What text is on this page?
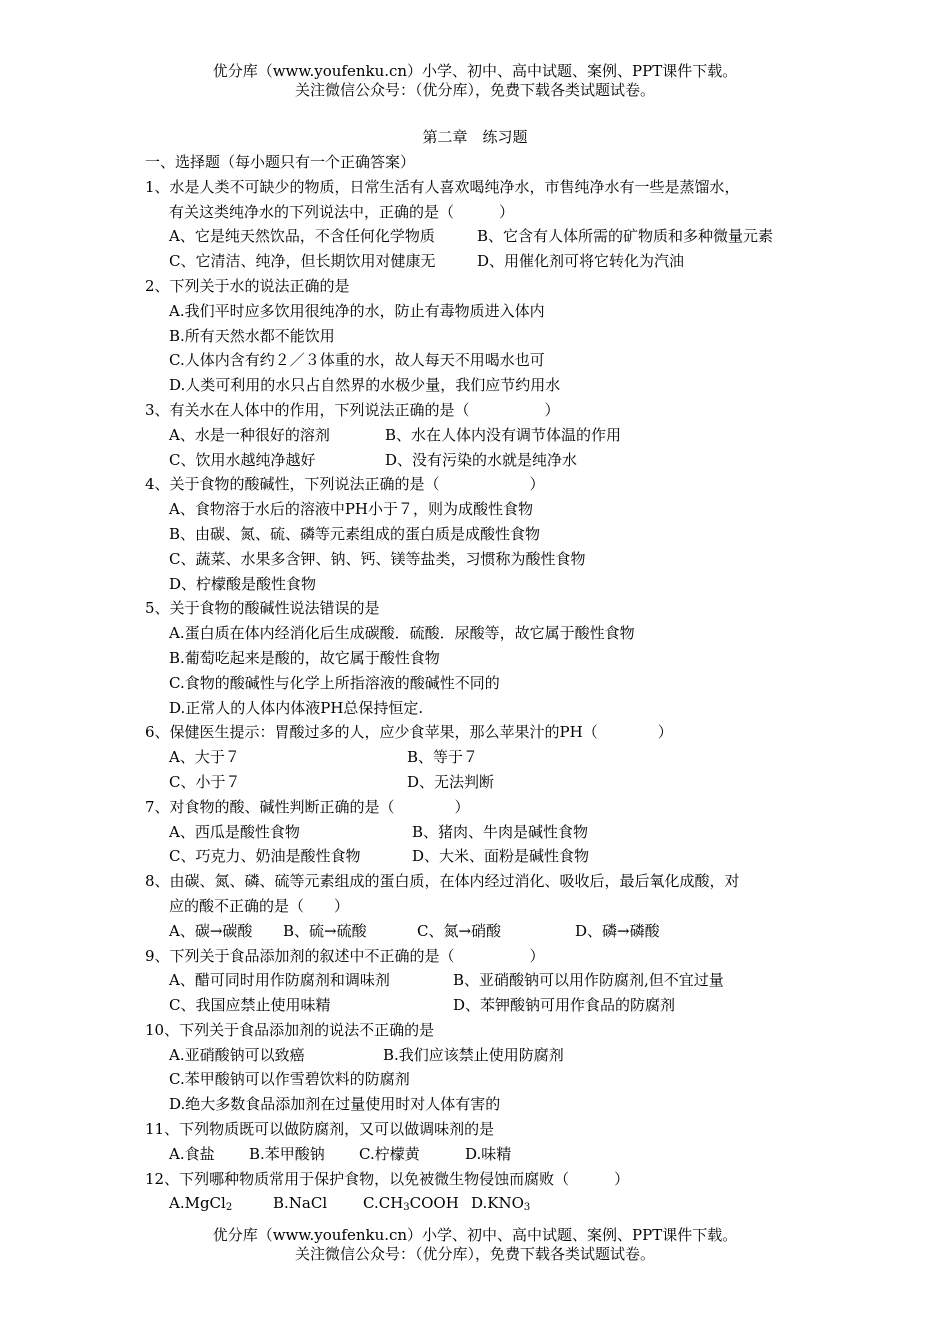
优分库（www.youfenku.cn）小学、初中、高中试题、案例、PPT课件下载。
关注微信公众号：（优分库），免费下载各类试题试卷。
第二章　练习题
一、选择题（每小题只有一个正确答案）
1、水是人类不可缺少的物质，日常生活有人喜欢喝纯净水，市售纯净水有一些是蒸馏水，
有关这类纯净水的下列说法中，正确的是（　　　）
A、它是纯天然饮品，不含任何化学物质	B、它含有人体所需的矿物质和多种微量元素
C、它清洁、纯净，但长期饮用对健康无	D、用催化剂可将它转化为汽油
2、下列关于水的说法正确的是
A.我们平时应多饮用很纯净的水，防止有毒物质进入体内
B.所有天然水都不能饮用
C.人体内含有约２／３体重的水，故人每天不用喝水也可
D.人类可利用的水只占自然界的水极少量，我们应节约用水
3、有关水在人体中的作用，下列说法正确的是（　　　　　）
A、水是一种很好的溶剂	B、水在人体内没有调节体温的作用
C、饮用水越纯净越好	D、没有污染的水就是纯净水
4、关于食物的酸碱性，下列说法正确的是（　　　　　　）
A、食物溶于水后的溶液中PH小于７，则为成酸性食物
B、由碳、氮、硫、磷等元素组成的蛋白质是成酸性食物
C、蔬菜、水果多含钾、钠、钙、镁等盐类，习惯称为酸性食物
D、柠檬酸是酸性食物
5、关于食物的酸碱性说法错误的是
A.蛋白质在体内经消化后生成碳酸．硫酸．尿酸等，故它属于酸性食物
B.葡萄吃起来是酸的，故它属于酸性食物
C.食物的酸碱性与化学上所指溶液的酸碱性不同的
D.正常人的人体内体液PH总保持恒定.
6、保健医生提示：胃酸过多的人，应少食苹果，那么苹果汁的PH（　　　　）
A、大于７	B、等于７
C、小于７	D、无法判断
7、对食物的酸、碱性判断正确的是（　　　　）
A、西瓜是酸性食物	B、猪肉、牛肉是碱性食物
C、巧克力、奶油是酸性食物	D、大米、面粉是碱性食物
8、由碳、氮、磷、硫等元素组成的蛋白质，在体内经过消化、吸收后，最后氧化成酸，对
应的酸不正确的是（　　）
A、碳→碳酸	B、硫→硫酸	C、氮→硝酸	D、磷→磷酸
9、下列关于食品添加剂的叙述中不正确的是（　　　　　）
A、醋可同时用作防腐剂和调味剂	B、亚硝酸钠可以用作防腐剂,但不宜过量
C、我国应禁止使用味精	D、苯钾酸钠可用作食品的防腐剂
10、下列关于食品添加剂的说法不正确的是
A.亚硝酸钠可以致癌	B.我们应该禁止使用防腐剂
C.苯甲酸钠可以作雪碧饮料的防腐剂
D.绝大多数食品添加剂在过量使用时对人体有害的
11、下列物质既可以做防腐剂，又可以做调味剂的是
A.食盐	B.苯甲酸钠	C.柠檬黄	D.味精
12、下列哪种物质常用于保护食物，以免被微生物侵蚀而腐败（　　　）
A.MgCl$_2$	B.NaCl	$C.CH_3COOH$ $D.KNO_3$
优分库（www.youfenku.cn）小学、初中、高中试题、案例、PPT课件下载。
关注微信公众号：（优分库），免费下载各类试题试卷。
